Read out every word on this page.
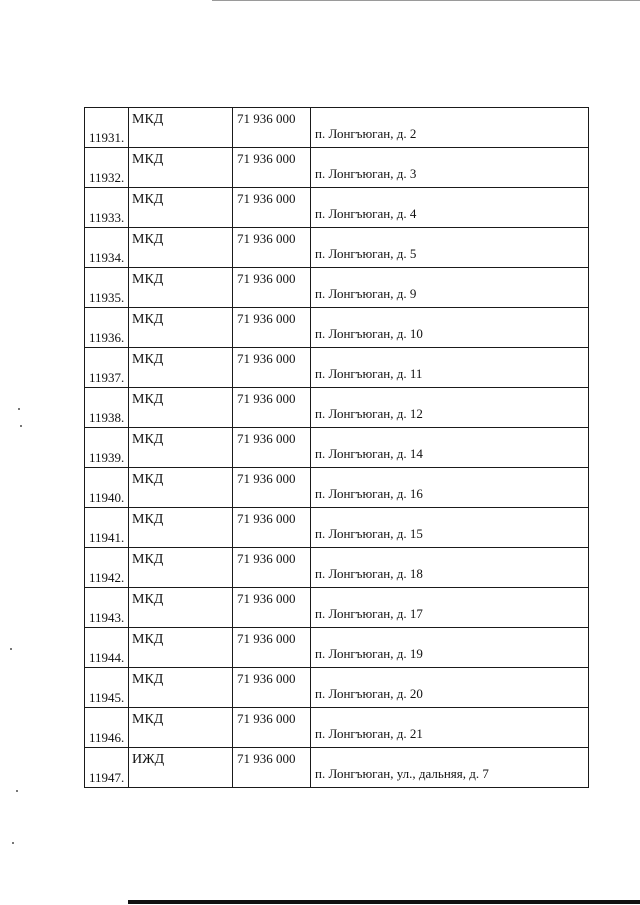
11931.	МКД	71 936 000	п. Лонгъюган, д. 2

11932.	МКД	71 936 000	п. Лонгъюган, д. 3

11933.	МКД	71 936 000	п. Лонгъюган, д. 4

11934.	МКД	71 936 000	п. Лонгъюган, д. 5

11935.	МКД	71 936 000	п. Лонгъюган, д. 9

11936.	МКД	71 936 000	п. Лонгъюган, д. 10

11937.	МКД	71 936 000	п. Лонгъюган, д. 11

11938.	МКД	71 936 000	п. Лонгъюган, д. 12

11939.	МКД	71 936 000	п. Лонгъюган, д. 14

11940.	МКД	71 936 000	п. Лонгъюган, д. 16

11941.	МКД	71 936 000	п. Лонгъюган, д. 15

11942.	МКД	71 936 000	п. Лонгъюган, д. 18

11943.	МКД	71 936 000	п. Лонгъюган, д. 17

11944.	МКД	71 936 000	п. Лонгъюган, д. 19

11945.	МКД	71 936 000	п. Лонгъюган, д. 20

11946.	МКД	71 936 000	п. Лонгъюган, д. 21

11947.	ИЖД	71 936 000	п. Лонгъюган, ул., дальняя, д. 7
